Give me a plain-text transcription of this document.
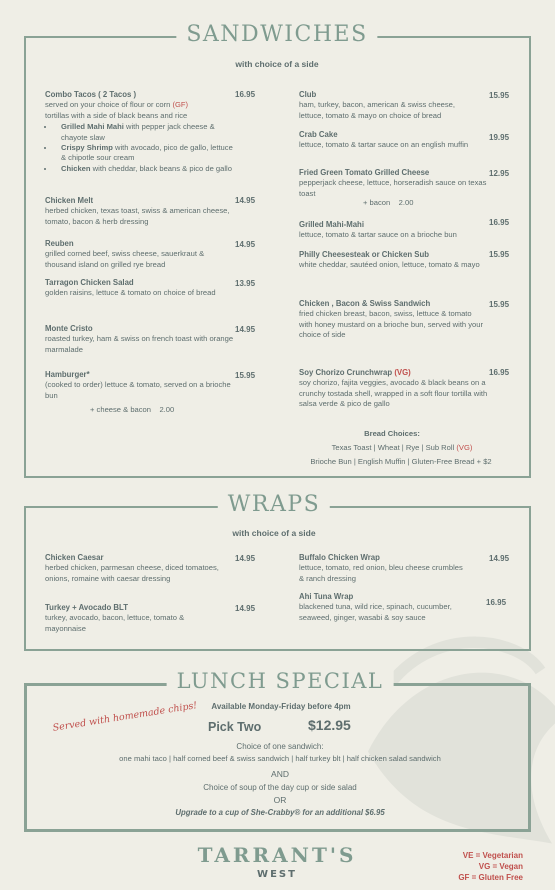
SANDWICHES
with choice of a side
Combo Tacos ( 2 Tacos )
served on your choice of flour or corn (GF)
tortillas with a side of black beans and rice
• Grilled Mahi Mahi with pepper jack cheese & chayote slaw
• Crispy Shrimp with avocado, pico de gallo, lettuce & chipotle sour cream
• Chicken with cheddar, black beans & pico de gallo
16.95
Chicken Melt
herbed chicken, texas toast, swiss & american cheese, tomato, bacon & herb dressing
14.95
Reuben
grilled corned beef, swiss cheese, sauerkraut & thousand island on grilled rye bread
14.95
Tarragon Chicken Salad
golden raisins, lettuce & tomato on choice of bread
13.95
Monte Cristo
roasted turkey, ham & swiss on french toast with orange marmalade
14.95
Hamburger*
(cooked to order) lettuce & tomato, served on a brioche bun
15.95
+ cheese & bacon    2.00
Club
ham, turkey, bacon, american & swiss cheese, lettuce, tomato & mayo on choice of bread
15.95
Crab Cake
lettuce, tomato & tartar sauce on an english muffin
19.95
Fried Green Tomato Grilled Cheese
pepperjack cheese, lettuce, horseradish sauce on texas toast
12.95
+ bacon    2.00
Grilled Mahi-Mahi
lettuce, tomato & tartar sauce on a brioche bun
16.95
Philly Cheesesteak or Chicken Sub
white cheddar, sautéed onion, lettuce, tomato & mayo
15.95
Chicken , Bacon & Swiss Sandwich
fried chicken breast, bacon, swiss, lettuce & tomato with honey mustard on a brioche bun, served with your choice of side
15.95
Soy Chorizo Crunchwrap (VG)
soy chorizo, fajita veggies, avocado & black beans on a crunchy tostada shell, wrapped in a soft flour tortilla with salsa verde & pico de gallo
16.95
Bread Choices:
Texas Toast | Wheat | Rye | Sub Roll (VG)
Brioche Bun | English Muffin | Gluten-Free Bread + $2
WRAPS
with choice of a side
Chicken Caesar
herbed chicken, parmesan cheese, diced tomatoes, onions, romaine with caesar dressing
14.95
Turkey + Avocado BLT
turkey, avocado, bacon, lettuce, tomato & mayonnaise
14.95
Buffalo Chicken Wrap
lettuce, tomato, red onion, bleu cheese crumbles & ranch dressing
14.95
Ahi Tuna Wrap
blackened tuna, wild rice, spinach, cucumber, seaweed, ginger, wasabi & soy sauce
16.95
LUNCH SPECIAL
Served with homemade chips! Available Monday-Friday before 4pm
Pick Two	$12.95
Choice of one sandwich:
one mahi taco | half corned beef & swiss sandwich | half turkey blt | half chicken salad sandwich
AND
Choice of soup of the day cup or side salad
OR
Upgrade to a cup of She-Crabby® for an additional $6.95
TARRANT'S
WEST
VE = Vegetarian
VG = Vegan
GF = Gluten Free
